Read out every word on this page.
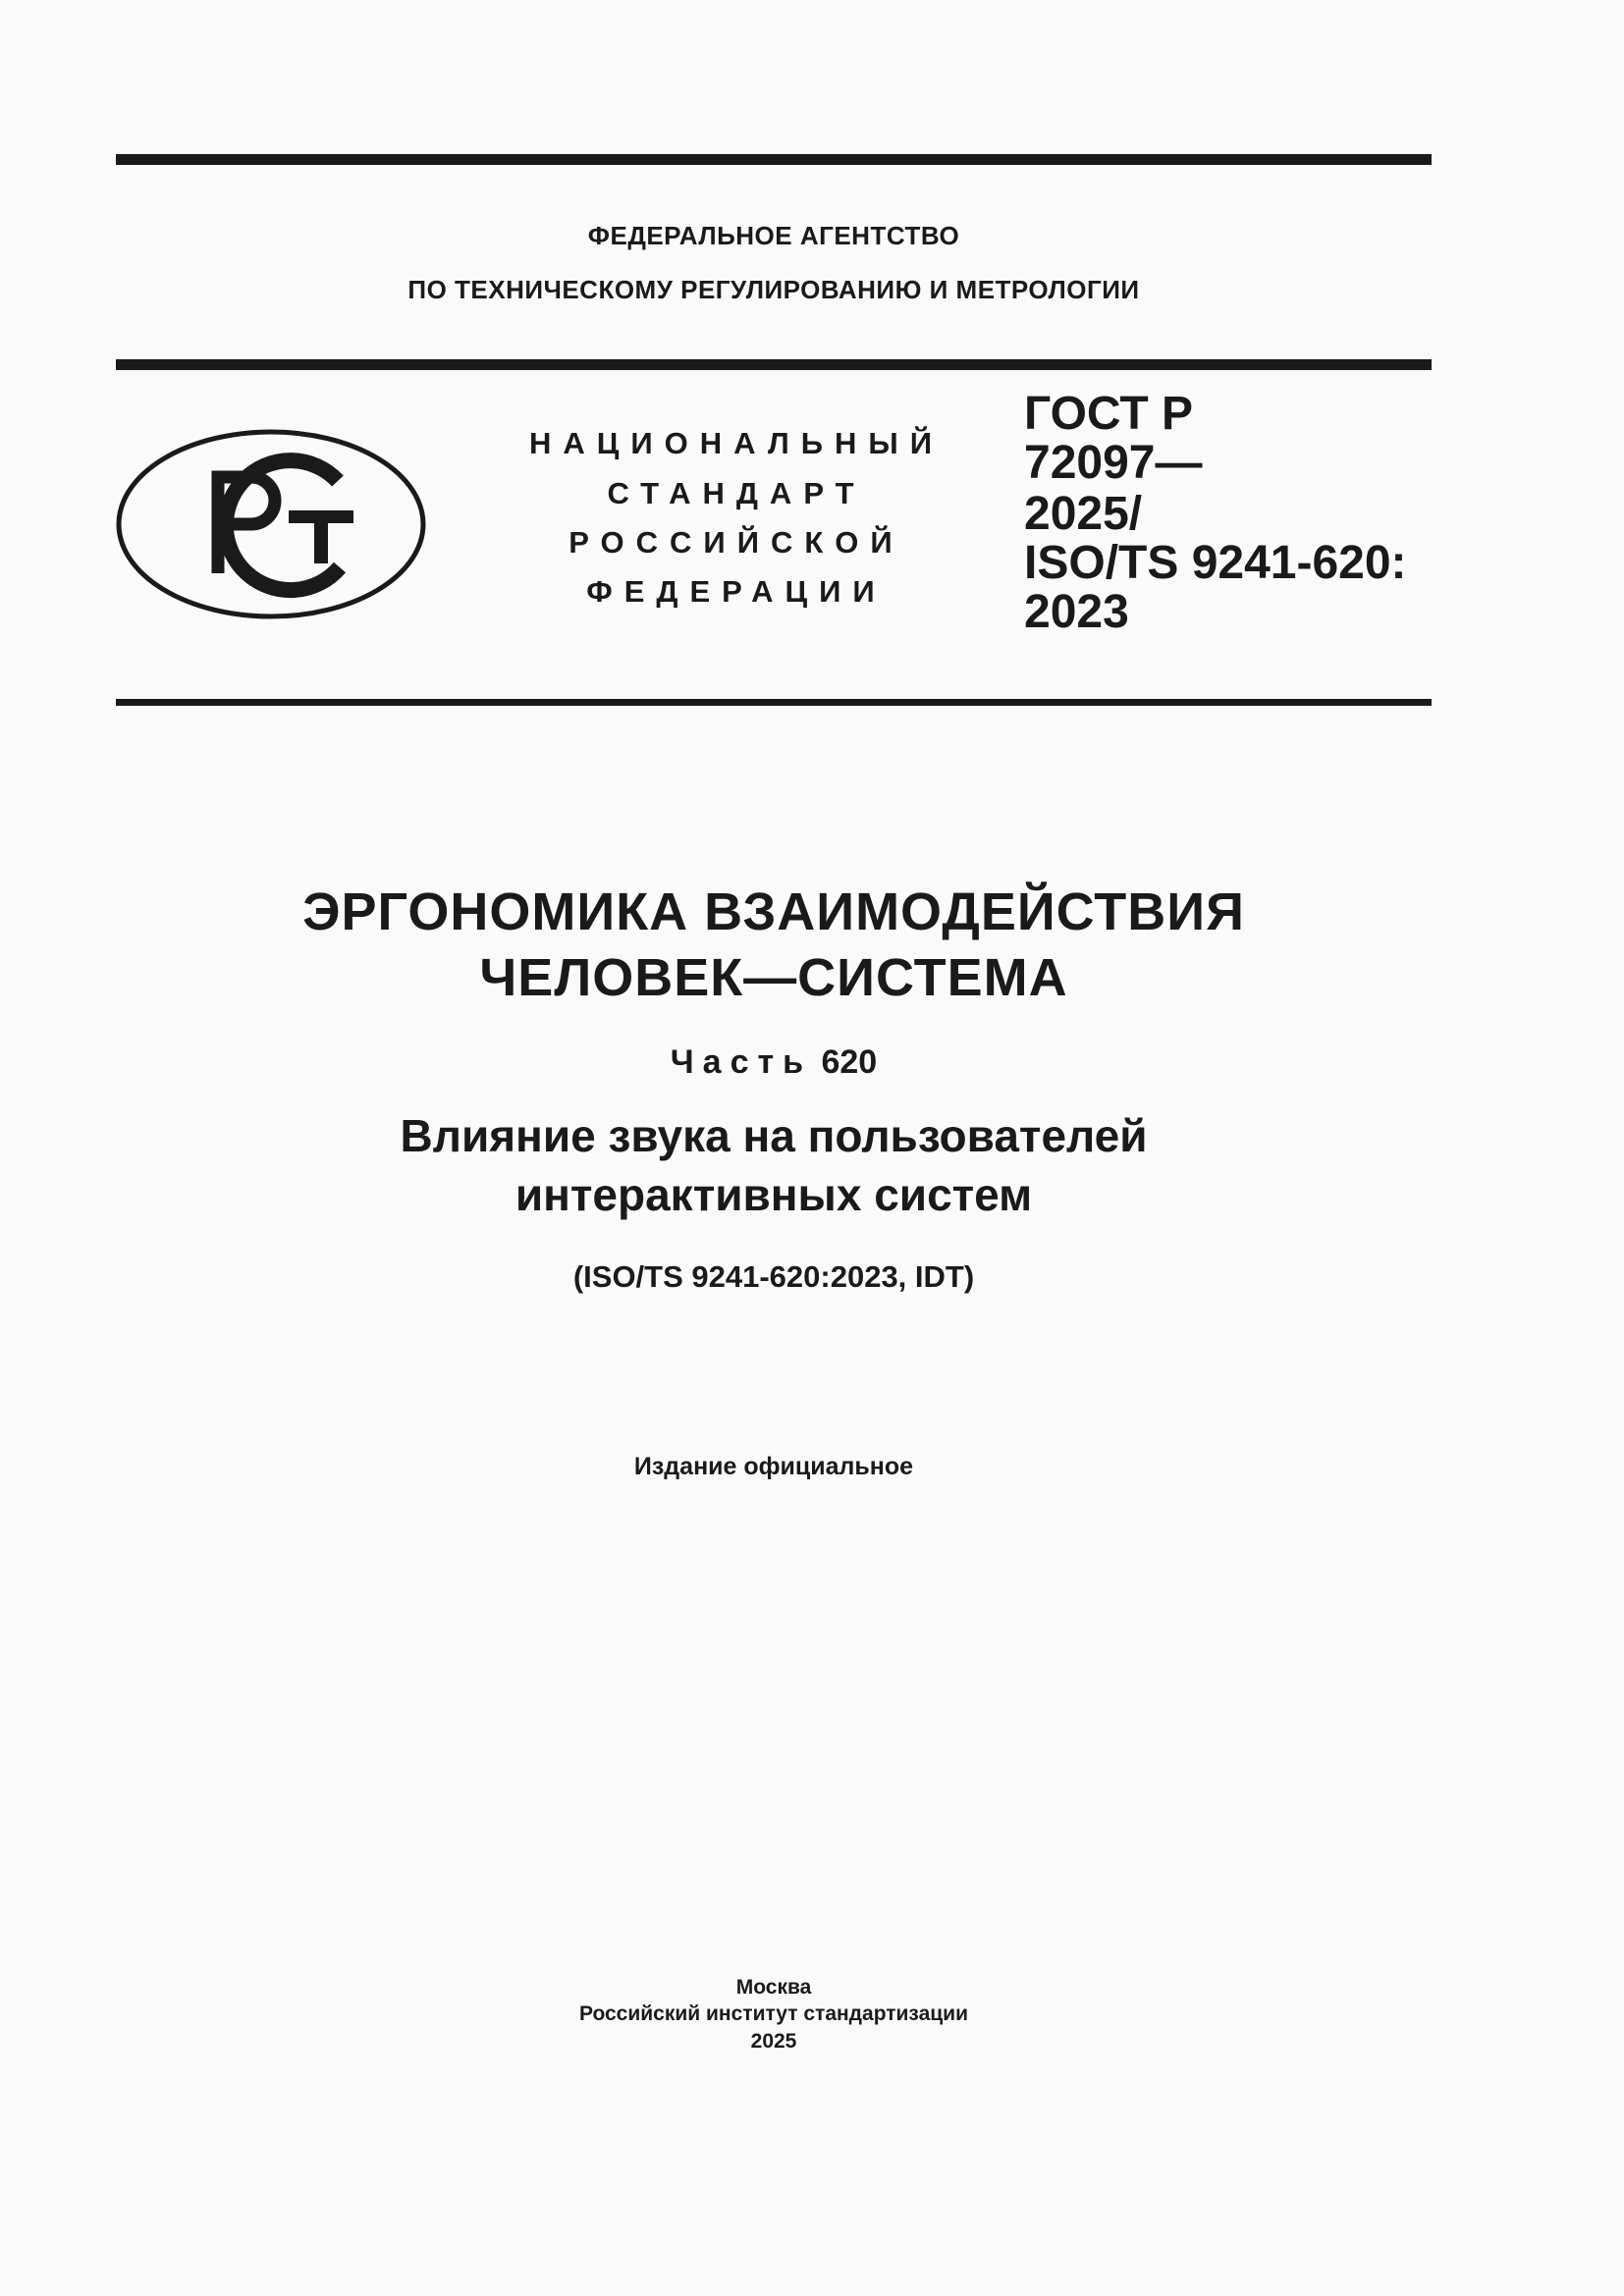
ФЕДЕРАЛЬНОЕ АГЕНТСТВО
ПО ТЕХНИЧЕСКОМУ РЕГУЛИРОВАНИЮ И МЕТРОЛОГИИ
НАЦИОНАЛЬНЫЙ
СТАНДАРТ
РОССИЙСКОЙ
ФЕДЕРАЦИИ
ГОСТ Р
72097—
2025/
ISO/TS 9241-620:
2023
ЭРГОНОМИКА ВЗАИМОДЕЙСТВИЯ
ЧЕЛОВЕК—СИСТЕМА
Часть 620
Влияние звука на пользователей
интерактивных систем
(ISO/TS 9241-620:2023, IDT)
Издание официальное
Москва
Российский институт стандартизации
2025
